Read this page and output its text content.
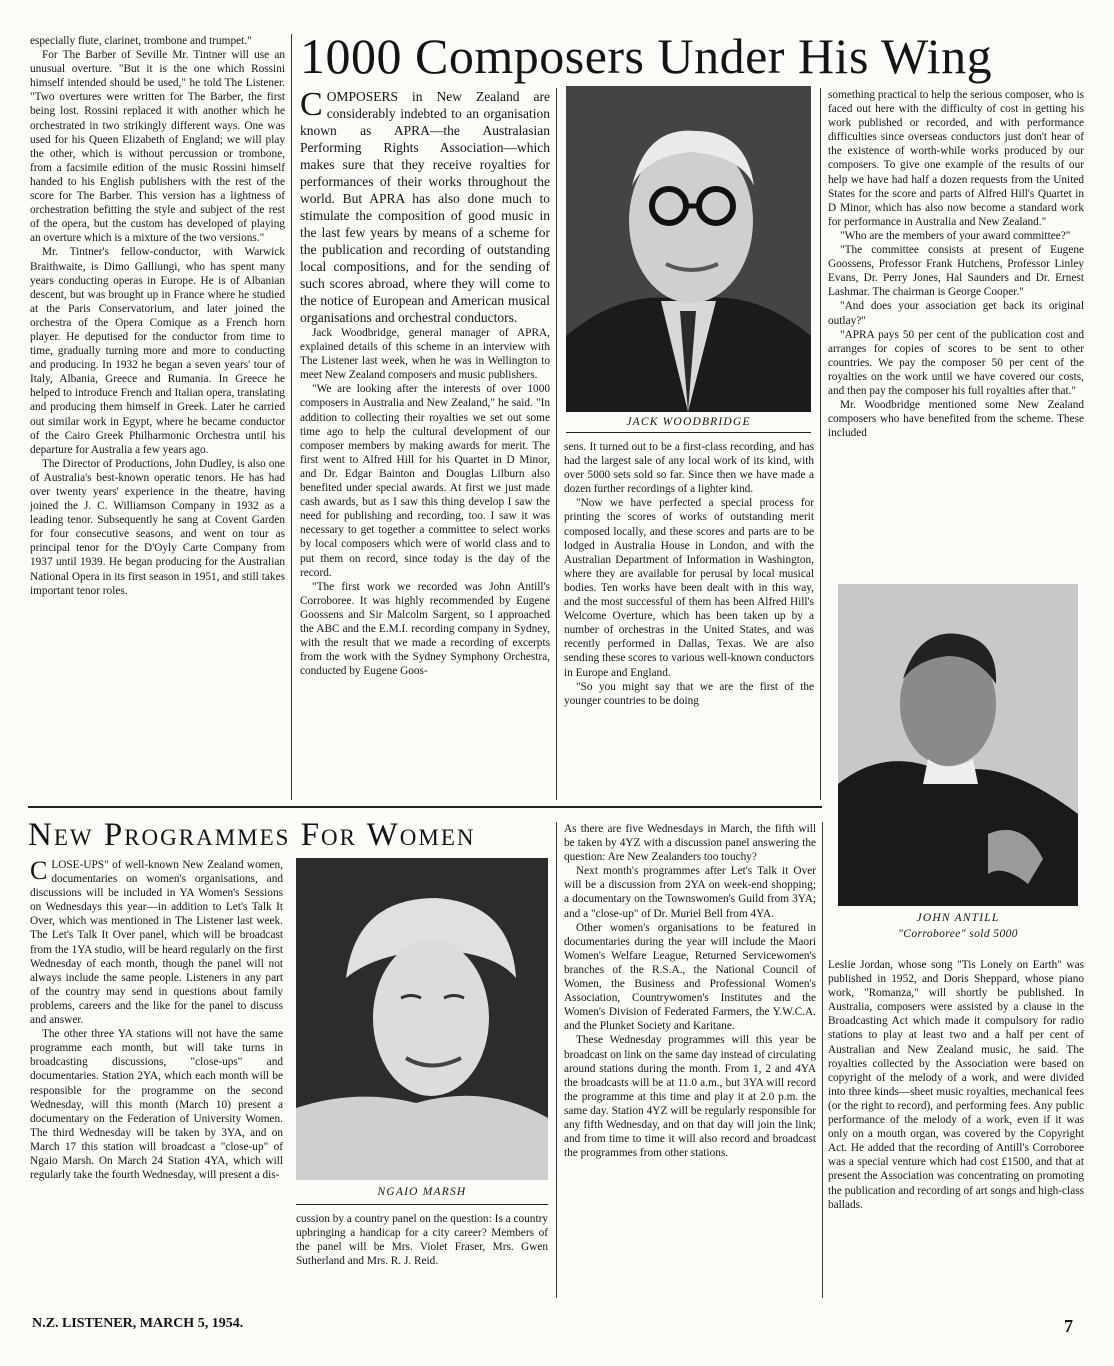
1000 Composers Under His Wing
New Programmes For Women

especially flute, clarinet, trombone and trumpet."

For The Barber of Seville Mr. Tintner will use an unusual overture. "But it is the one which Rossini himself intended should be used," he told The Listener. "Two overtures were written for The Barber, the first being lost. Rossini replaced it with another which he orchestrated in two strikingly different ways. One was used for his Queen Elizabeth of England; we will play the other, which is without percussion or trombone, from a facsimile edition of the music Rossini himself handed to his English publishers with the rest of the score for The Barber. This version has a lightness of orchestration befitting the style and subject of the rest of the opera, but the custom has developed of playing an overture which is a mixture of the two versions."

Mr. Tintner's fellow-conductor, with Warwick Braithwaite, is Dimo Galliungi, who has spent many years conducting operas in Europe. He is of Albanian descent, but was brought up in France where he studied at the Paris Conservatorium, and later joined the orchestra of the Opera Comique as a French horn player. He deputised for the conductor from time to time, gradually turning more and more to conducting and producing. In 1932 he began a seven years' tour of Italy, Albania, Greece and Rumania. In Greece he helped to introduce French and Italian opera, translating and producing them himself in Greek. Later he carried out similar work in Egypt, where he became conductor of the Cairo Greek Philharmonic Orchestra until his departure for Australia a few years ago.

The Director of Productions, John Dudley, is also one of Australia's best-known operatic tenors. He has had over twenty years' experience in the theatre, having joined the J. C. Williamson Company in 1932 as a leading tenor. Subsequently he sang at Covent Garden for four consecutive seasons, and went on tour as principal tenor for the D'Oyly Carte Company from 1937 until 1939. He began producing for the Australian National Opera in its first season in 1951, and still takes important tenor roles.

COMPOSERS in New Zealand are considerably indebted to an organisation known as APRA—the Australasian Performing Rights Association—which makes sure that they receive royalties for performances of their works throughout the world. But APRA has also done much to stimulate the composition of good music in the last few years by means of a scheme for the publication and recording of outstanding local compositions, and for the sending of such scores abroad, where they will come to the notice of European and American musical organisations and orchestral conductors.

Jack Woodbridge, general manager of APRA, explained details of this scheme in an interview with The Listener last week, when he was in Wellington to meet New Zealand composers and music publishers.

"We are looking after the interests of over 1000 composers in Australia and New Zealand," he said. "In addition to collecting their royalties we set out some time ago to help the cultural development of our composer members by making awards for merit. The first went to Alfred Hill for his Quartet in D Minor, and Dr. Edgar Bainton and Douglas Lilburn also benefited under special awards. At first we just made cash awards, but as I saw this thing develop I saw the need for publishing and recording, too. I saw it was necessary to get together a committee to select works by local composers which were of world class and to put them on record, since today is the day of the record.

"The first work we recorded was John Antill's Corroboree. It was highly recommended by Eugene Goossens and Sir Malcolm Sargent, so I approached the ABC and the E.M.I. recording company in Sydney, with the result that we made a recording of excerpts from the work with the Sydney Symphony Orchestra, conducted by Eugene Goos-

JACK WOODBRIDGE

sens. It turned out to be a first-class recording, and has had the largest sale of any local work of its kind, with over 5000 sets sold so far. Since then we have made a dozen further recordings of a lighter kind.

"Now we have perfected a special process for printing the scores of works of outstanding merit composed locally, and these scores and parts are to be lodged in Australia House in London, and with the Australian Department of Information in Washington, where they are available for perusal by local musical bodies. Ten works have been dealt with in this way, and the most successful of them has been Alfred Hill's Welcome Overture, which has been taken up by a number of orchestras in the United States, and was recently performed in Dallas, Texas. We are also sending these scores to various well-known conductors in Europe and England.

"So you might say that we are the first of the younger countries to be doing

something practical to help the serious composer, who is faced out here with the difficulty of cost in getting his work published or recorded, and with performance difficulties since overseas conductors just don't hear of the existence of worth-while works produced by our composers. To give one example of the results of our help we have had half a dozen requests from the United States for the score and parts of Alfred Hill's Quartet in D Minor, which has also now become a standard work for performance in Australia and New Zealand."

"Who are the members of your award committee?"

"The committee consists at present of Eugene Goossens, Professor Frank Hutchens, Professor Linley Evans, Dr. Perry Jones, Hal Saunders and Dr. Ernest Lashmar. The chairman is George Cooper."

"And does your association get back its original outlay?"

"APRA pays 50 per cent of the publication cost and arranges for copies of scores to be sent to other countries. We pay the composer 50 per cent of the royalties on the work until we have covered our costs, and then pay the composer his full royalties after that."

Mr. Woodbridge mentioned some New Zealand composers who have benefited from the scheme. These included

JOHN ANTILL
"Corroboree" sold 5000

CLOSE-UPS" of well-known New Zealand women, documentaries on women's organisations, and discussions will be included in YA Women's Sessions on Wednesdays this year—in addition to Let's Talk It Over, which was mentioned in The Listener last week. The Let's Talk It Over panel, which will be broadcast from the 1YA studio, will be heard regularly on the first Wednesday of each month, though the panel will not always include the same people. Listeners in any part of the country may send in questions about family problems, careers and the like for the panel to discuss and answer.

The other three YA stations will not have the same programme each month, but will take turns in broadcasting discussions, "close-ups" and documentaries. Station 2YA, which each month will be responsible for the programme on the second Wednesday, will this month (March 10) present a documentary on the Federation of University Women. The third Wednesday will be taken by 3YA, and on March 17 this station will broadcast a "close-up" of Ngaio Marsh. On March 24 Station 4YA, which will regularly take the fourth Wednesday, will present a dis-

NGAIO MARSH

cussion by a country panel on the question: Is a country upbringing a handicap for a city career? Members of the panel will be Mrs. Violet Fraser, Mrs. Gwen Sutherland and Mrs. R. J. Reid.

As there are five Wednesdays in March, the fifth will be taken by 4YZ with a discussion panel answering the question: Are New Zealanders too touchy?

Next month's programmes after Let's Talk it Over will be a discussion from 2YA on week-end shopping; a documentary on the Townswomen's Guild from 3YA; and a "close-up" of Dr. Muriel Bell from 4YA.

Other women's organisations to be featured in documentaries during the year will include the Maori Women's Welfare League, Returned Servicewomen's branches of the R.S.A., the National Council of Women, the Business and Professional Women's Association, Countrywomen's Institutes and the Women's Division of Federated Farmers, the Y.W.C.A. and the Plunket Society and Karitane.

These Wednesday programmes will this year be broadcast on link on the same day instead of circulating around stations during the month. From 1, 2 and 4YA the broadcasts will be at 11.0 a.m., but 3YA will record the programme at this time and play it at 2.0 p.m. the same day. Station 4YZ will be regularly responsible for any fifth Wednesday, and on that day will join the link; and from time to time it will also record and broadcast the programmes from other stations.

Leslie Jordan, whose song "Tis Lonely on Earth" was published in 1952, and Doris Sheppard, whose piano work, "Romanza," will shortly be published. In Australia, composers were assisted by a clause in the Broadcasting Act which made it compulsory for radio stations to play at least two and a half per cent of Australian and New Zealand music, he said. The royalties collected by the Association were based on copyright of the melody of a work, and were divided into three kinds—sheet music royalties, mechanical fees (or the right to record), and performing fees. Any public performance of the melody of a work, even if it was only on a mouth organ, was covered by the Copyright Act. He added that the recording of Antill's Corroboree was a special venture which had cost £1500, and that at present the Association was concentrating on promoting the publication and recording of art songs and high-class ballads.

N.Z. LISTENER, MARCH 5, 1954.	7
